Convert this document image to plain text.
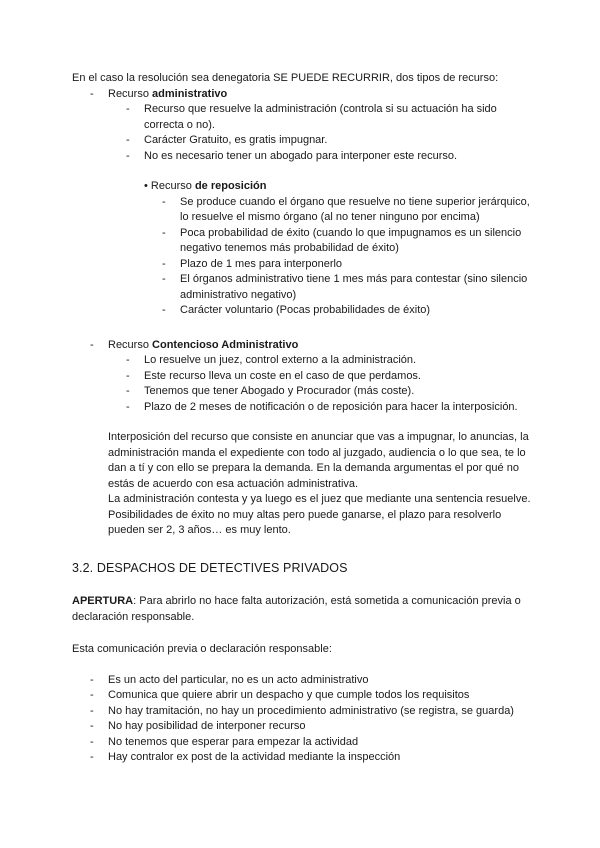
En el caso la resolución sea denegatoria SE PUEDE RECURRIR, dos tipos de recurso:

-	Recurso administrativo
-	Recurso que resuelve la administración (controla si su actuación ha sido correcta o no).
-	Carácter Gratuito, es gratis impugnar.
-	No es necesario tener un abogado para interponer este recurso.
• Recurso de reposición
-	Se produce cuando el órgano que resuelve no tiene superior jerárquico, lo resuelve el mismo órgano (al no tener ninguno por encima)
-	Poca probabilidad de éxito (cuando lo que impugnamos es un silencio negativo tenemos más probabilidad de éxito)
-	Plazo de 1 mes para interponerlo
-	El órganos administrativo tiene 1 mes más para contestar (sino silencio administrativo negativo)
-	Carácter voluntario (Pocas probabilidades de éxito)
-	Recurso Contencioso Administrativo
-	Lo resuelve un juez, control externo a la administración.
-	Este recurso lleva un coste en el caso de que perdamos.
-	Tenemos que tener Abogado y Procurador (más coste).
-	Plazo de 2 meses de notificación o de reposición para hacer la interposición.

Interposición del recurso que consiste en anunciar que vas a impugnar, lo anuncias, la administración manda el expediente con todo al juzgado, audiencia o lo que sea, te lo dan a tí y con ello se prepara la demanda. En la demanda argumentas el por qué no estás de acuerdo con esa actuación administrativa.

La administración contesta y ya luego es el juez que mediante una sentencia resuelve.

Posibilidades de éxito no muy altas pero puede ganarse, el plazo para resolverlo pueden ser 2, 3 años… es muy lento.

3.2. DESPACHOS DE DETECTIVES PRIVADOS

APERTURA: Para abrirlo no hace falta autorización, está sometida a comunicación previa o declaración responsable.

Esta comunicación previa o declaración responsable:

-	Es un acto del particular, no es un acto administrativo
-	Comunica que quiere abrir un despacho y que cumple todos los requisitos
-	No hay tramitación, no hay un procedimiento administrativo (se registra, se guarda)
-	No hay posibilidad de interponer recurso
-	No tenemos que esperar para empezar la actividad
-	Hay contralor ex post de la actividad mediante la inspección
